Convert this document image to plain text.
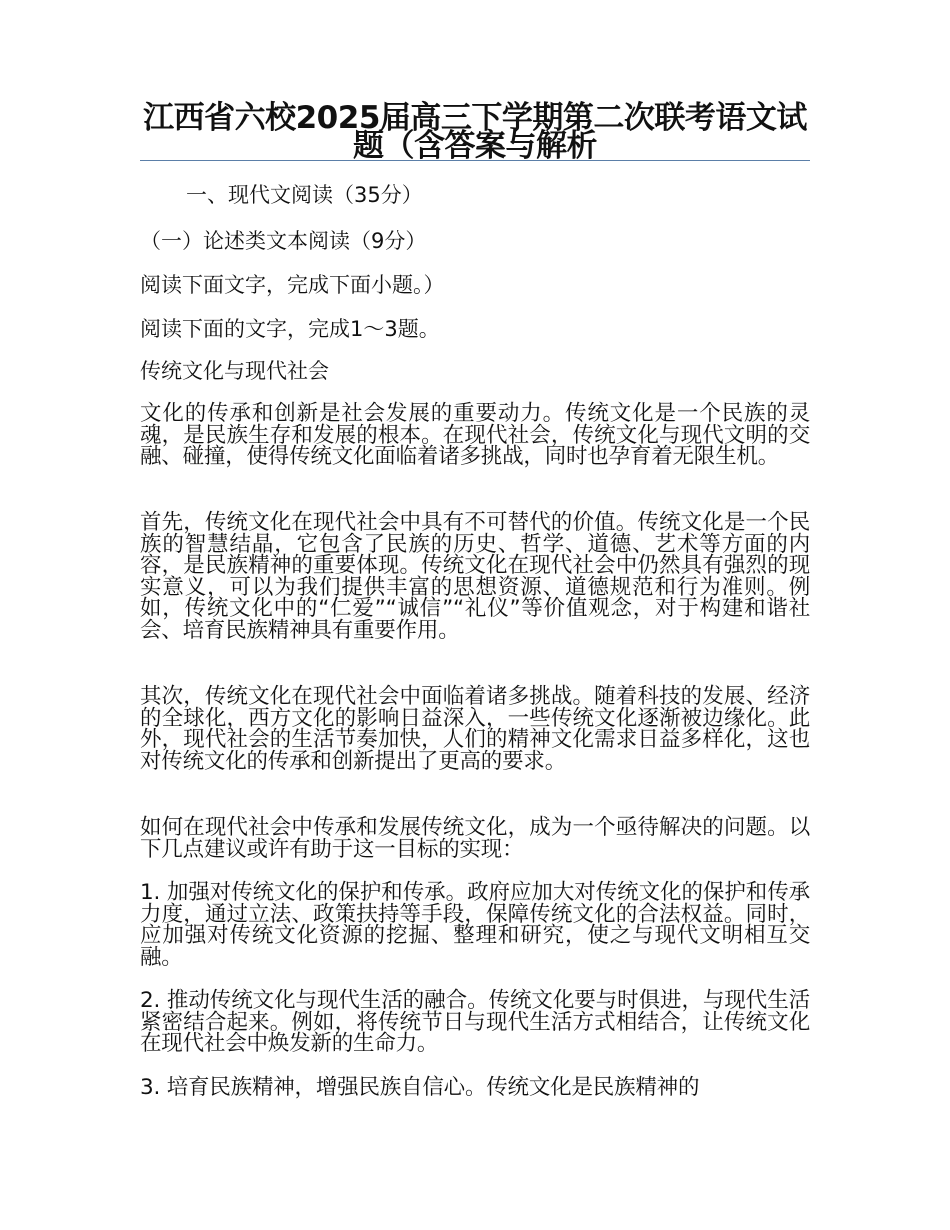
江西省六校2025届高三下学期第二次联考语文试题（含答案与解析

一、现代文阅读（35分）

（一）论述类文本阅读（9分）

阅读下面文字，完成下面小题。）

阅读下面的文字，完成1～3题。

传统文化与现代社会

文化的传承和创新是社会发展的重要动力。传统文化是一个民族的灵魂，是民族生存和发展的根本。在现代社会，传统文化与现代文明的交融、碰撞，使得传统文化面临着诸多挑战，同时也孕育着无限生机。

首先，传统文化在现代社会中具有不可替代的价值。传统文化是一个民族的智慧结晶，它包含了民族的历史、哲学、道德、艺术等方面的内容，是民族精神的重要体现。传统文化在现代社会中仍然具有强烈的现实意义，可以为我们提供丰富的思想资源、道德规范和行为准则。例如，传统文化中的“仁爱”“诚信”“礼仪”等价值观念，对于构建和谐社会、培育民族精神具有重要作用。

其次，传统文化在现代社会中面临着诸多挑战。随着科技的发展、经济的全球化，西方文化的影响日益深入，一些传统文化逐渐被边缘化。此外，现代社会的生活节奏加快，人们的精神文化需求日益多样化，这也对传统文化的传承和创新提出了更高的要求。

如何在现代社会中传承和发展传统文化，成为一个亟待解决的问题。以下几点建议或许有助于这一目标的实现：

1. 加强对传统文化的保护和传承。政府应加大对传统文化的保护和传承力度，通过立法、政策扶持等手段，保障传统文化的合法权益。同时，应加强对传统文化资源的挖掘、整理和研究，使之与现代文明相互交融。

2. 推动传统文化与现代生活的融合。传统文化要与时俱进，与现代生活紧密结合起来。例如，将传统节日与现代生活方式相结合，让传统文化在现代社会中焕发新的生命力。

3. 培育民族精神，增强民族自信心。传统文化是民族精神的
